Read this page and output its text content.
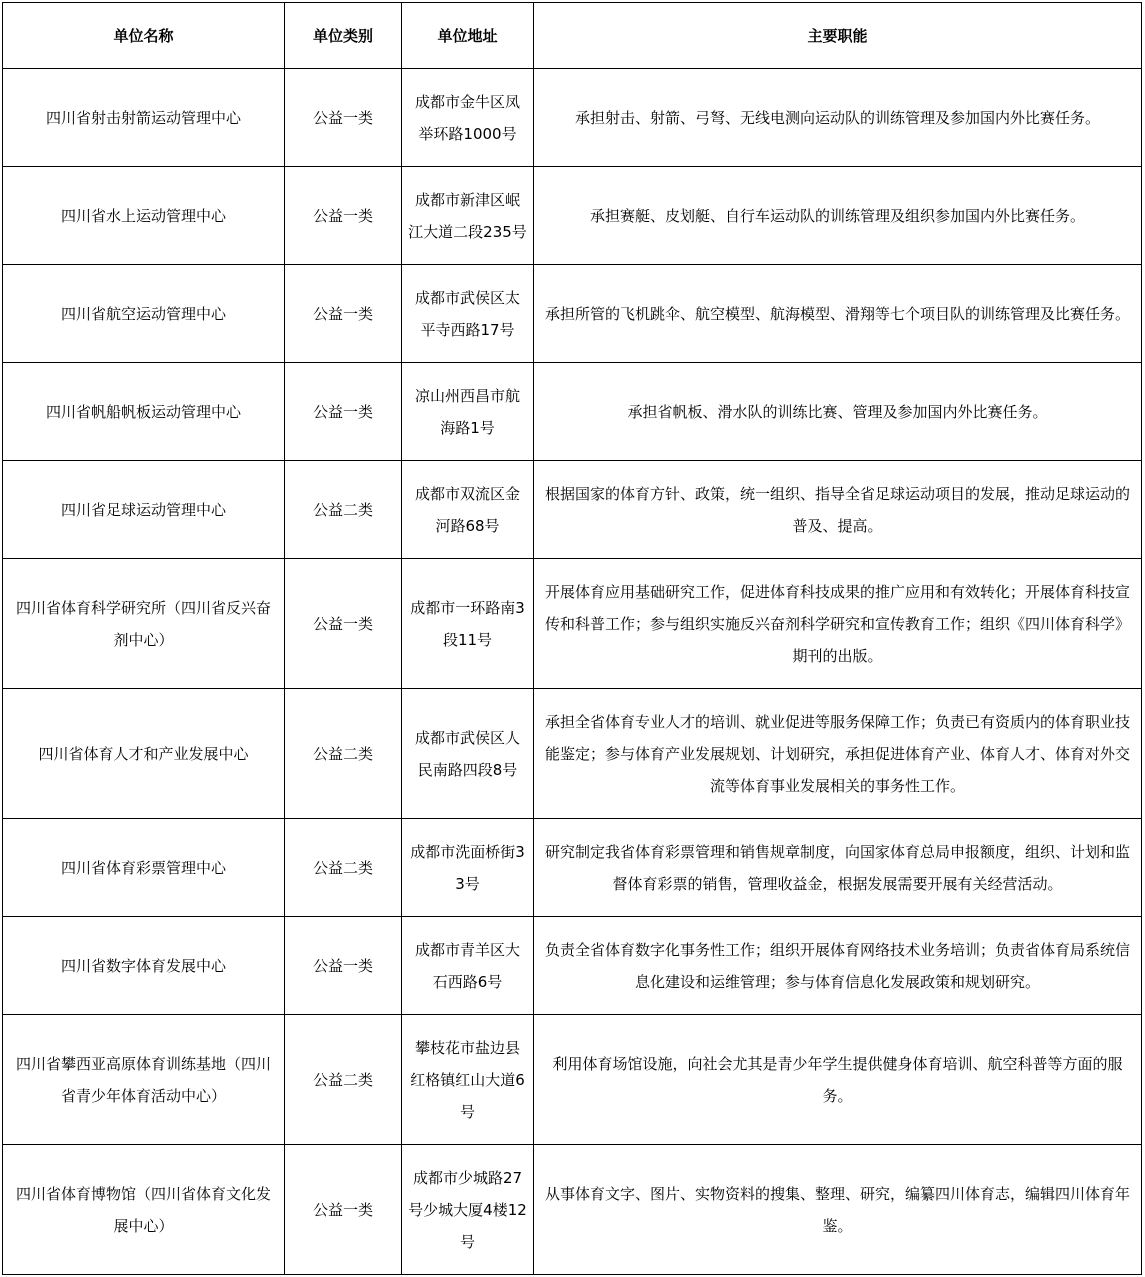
单位名称	单位类别	单位地址	主要职能
四川省射击射箭运动管理中心	公益一类	成都市金牛区凤举环路1000号	承担射击、射箭、弓弩、无线电测向运动队的训练管理及参加国内外比赛任务。
四川省水上运动管理中心	公益一类	成都市新津区岷江大道二段235号	承担赛艇、皮划艇、自行车运动队的训练管理及组织参加国内外比赛任务。
四川省航空运动管理中心	公益一类	成都市武侯区太平寺西路17号	承担所管的飞机跳伞、航空模型、航海模型、滑翔等七个项目队的训练管理及比赛任务。
四川省帆船帆板运动管理中心	公益一类	凉山州西昌市航海路1号	承担省帆板、滑水队的训练比赛、管理及参加国内外比赛任务。
四川省足球运动管理中心	公益二类	成都市双流区金河路68号	根据国家的体育方针、政策，统一组织、指导全省足球运动项目的发展，推动足球运动的普及、提高。
四川省体育科学研究所（四川省反兴奋剂中心）	公益一类	成都市一环路南3段11号	开展体育应用基础研究工作，促进体育科技成果的推广应用和有效转化；开展体育科技宣传和科普工作；参与组织实施反兴奋剂科学研究和宣传教育工作；组织《四川体育科学》期刊的出版。
四川省体育人才和产业发展中心	公益二类	成都市武侯区人民南路四段8号	承担全省体育专业人才的培训、就业促进等服务保障工作；负责已有资质内的体育职业技能鉴定；参与体育产业发展规划、计划研究，承担促进体育产业、体育人才、体育对外交流等体育事业发展相关的事务性工作。
四川省体育彩票管理中心	公益二类	成都市洗面桥街33号	研究制定我省体育彩票管理和销售规章制度，向国家体育总局申报额度，组织、计划和监督体育彩票的销售，管理收益金，根据发展需要开展有关经营活动。
四川省数字体育发展中心	公益一类	成都市青羊区大石西路6号	负责全省体育数字化事务性工作；组织开展体育网络技术业务培训；负责省体育局系统信息化建设和运维管理；参与体育信息化发展政策和规划研究。
四川省攀西亚高原体育训练基地（四川省青少年体育活动中心）	公益二类	攀枝花市盐边县红格镇红山大道6号	利用体育场馆设施，向社会尤其是青少年学生提供健身体育培训、航空科普等方面的服务。
四川省体育博物馆（四川省体育文化发展中心）	公益一类	成都市少城路27号少城大厦4楼12号	从事体育文字、图片、实物资料的搜集、整理、研究，编纂四川体育志，编辑四川体育年鉴。
